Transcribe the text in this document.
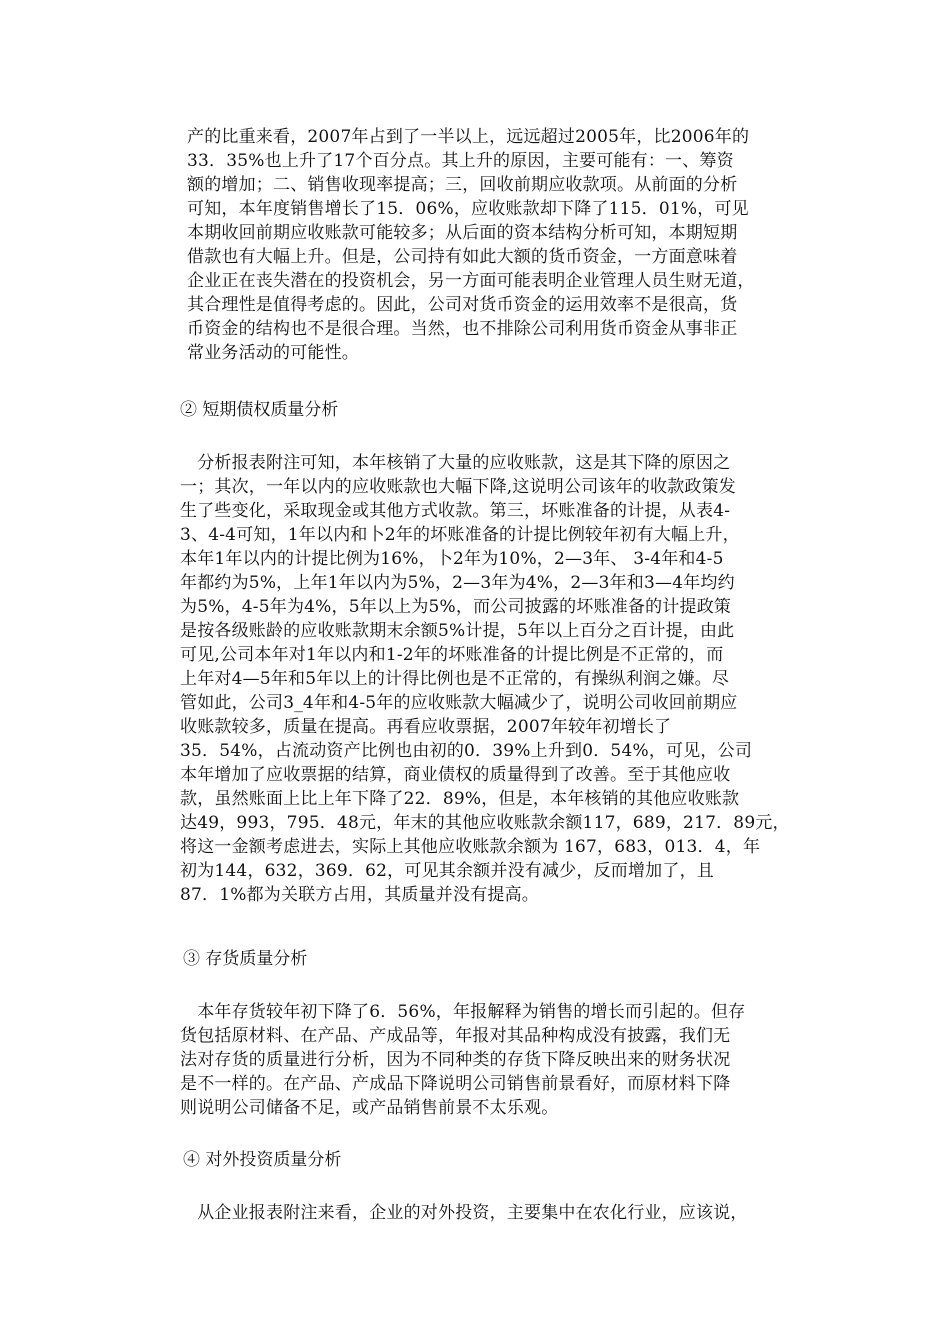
产的比重来看，2007年占到了一半以上，远远超过2005年，比2006年的
33．35%也上升了17个百分点。其上升的原因，主要可能有：一、筹资
额的增加；二、销售收现率提高；三，回收前期应收款项。从前面的分析
可知，本年度销售增长了15．06%，应收账款却下降了115．01%，可见
本期收回前期应收账款可能较多；从后面的资本结构分析可知，本期短期
借款也有大幅上升。但是，公司持有如此大额的货币资金，一方面意味着
企业正在丧失潜在的投资机会，另一方面可能表明企业管理人员生财无道，
其合理性是值得考虑的。因此，公司对货币资金的运用效率不是很高，货
币资金的结构也不是很合理。当然，也不排除公司利用货币资金从事非正
常业务活动的可能性。
② 短期债权质量分析
　分析报表附注可知，本年核销了大量的应收账款，这是其下降的原因之
一；其次，一年以内的应收账款也大幅下降,这说明公司该年的收款政策发
生了些变化，采取现金或其他方式收款。第三，坏账准备的计提，从表4-
3、4-4可知，1年以内和卜2年的坏账准备的计提比例较年初有大幅上升，
本年1年以内的计提比例为16%，卜2年为10%，2—3年、 3-4年和4-5
年都约为5%，上年1年以内为5%，2—3年为4%，2—3年和3—4年均约
为5%，4-5年为4%，5年以上为5%，而公司披露的坏账准备的计提政策
是按各级账龄的应收账款期末余额5%计提，5年以上百分之百计提，由此
可见,公司本年对1年以内和1-2年的坏账准备的计提比例是不正常的，而
上年对4—5年和5年以上的计得比例也是不正常的，有操纵利润之嫌。尽
管如此，公司3_4年和4-5年的应收账款大幅减少了，说明公司收回前期应
收账款较多，质量在提高。再看应收票据，2007年较年初增长了
35．54%，占流动资产比例也由初的0．39%上升到0．54%，可见，公司
本年增加了应收票据的结算，商业债权的质量得到了改善。至于其他应收
款，虽然账面上比上年下降了22．89%，但是，本年核销的其他应收账款
达49，993，795．48元，年末的其他应收账款余额117，689，217．89元，
将这一金额考虑进去，实际上其他应收账款余额为 167，683，013．4，年
初为144，632，369．62，可见其余额并没有减少，反而增加了，且
87．1%都为关联方占用，其质量并没有提高。
③ 存货质量分析
　本年存货较年初下降了6．56%，年报解释为销售的增长而引起的。但存
货包括原材料、在产品、产成品等，年报对其品种构成没有披露，我们无
法对存货的质量进行分析，因为不同种类的存货下降反映出来的财务状况
是不一样的。在产品、产成品下降说明公司销售前景看好，而原材料下降
则说明公司储备不足，或产品销售前景不太乐观。
④ 对外投资质量分析
　从企业报表附注来看，企业的对外投资，主要集中在农化行业，应该说，
